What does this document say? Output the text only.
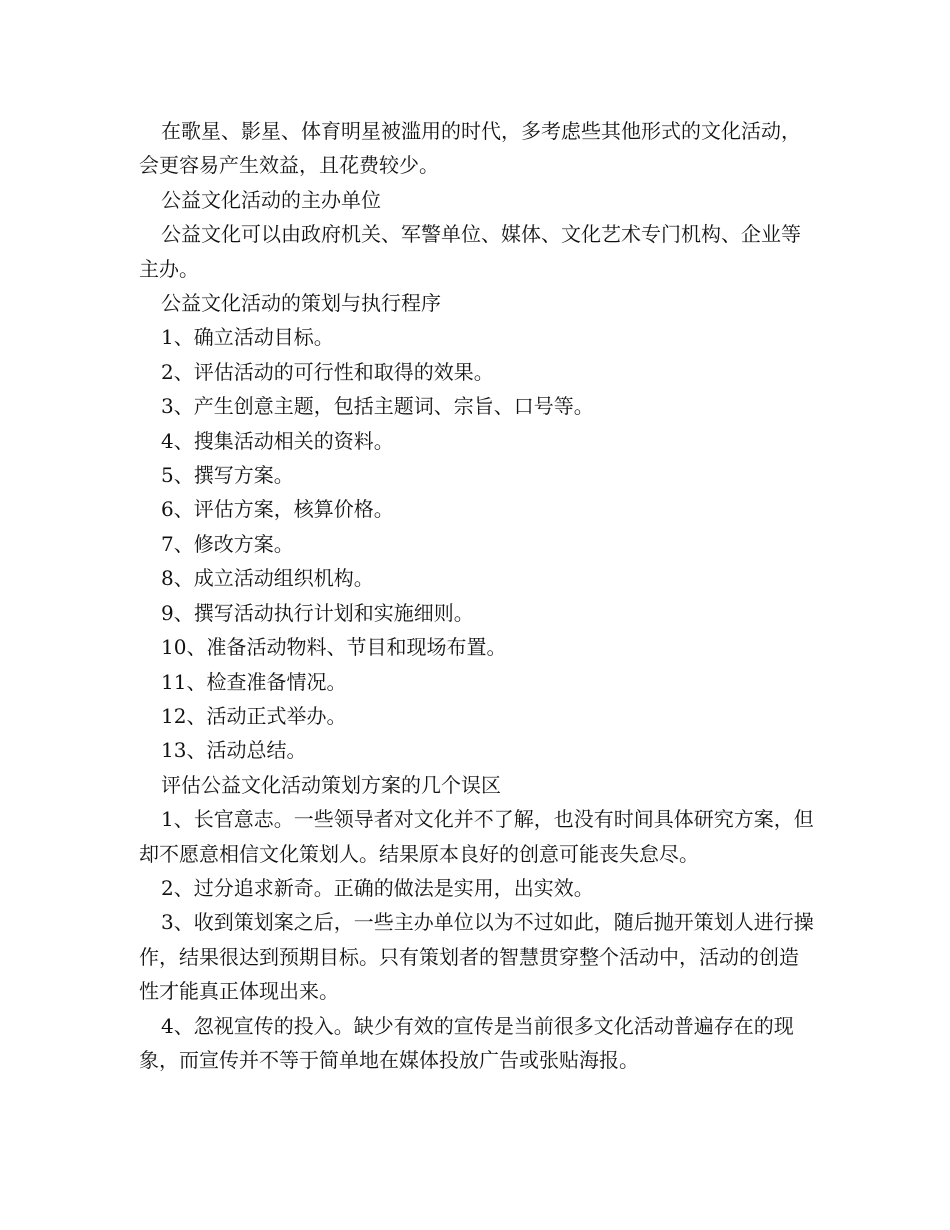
在歌星、影星、体育明星被滥用的时代，多考虑些其他形式的文化活动，会更容易产生效益，且花费较少。

公益文化活动的主办单位

公益文化可以由政府机关、军警单位、媒体、文化艺术专门机构、企业等主办。

公益文化活动的策划与执行程序

1、确立活动目标。

2、评估活动的可行性和取得的效果。

3、产生创意主题，包括主题词、宗旨、口号等。

4、搜集活动相关的资料。

5、撰写方案。

6、评估方案，核算价格。

7、修改方案。

8、成立活动组织机构。

9、撰写活动执行计划和实施细则。

10、准备活动物料、节目和现场布置。

11、检查准备情况。

12、活动正式举办。

13、活动总结。

评估公益文化活动策划方案的几个误区

1、长官意志。一些领导者对文化并不了解，也没有时间具体研究方案，但却不愿意相信文化策划人。结果原本良好的创意可能丧失怠尽。

2、过分追求新奇。正确的做法是实用，出实效。

3、收到策划案之后，一些主办单位以为不过如此，随后抛开策划人进行操作，结果很达到预期目标。只有策划者的智慧贯穿整个活动中，活动的创造性才能真正体现出来。

4、忽视宣传的投入。缺少有效的宣传是当前很多文化活动普遍存在的现象，而宣传并不等于简单地在媒体投放广告或张贴海报。
